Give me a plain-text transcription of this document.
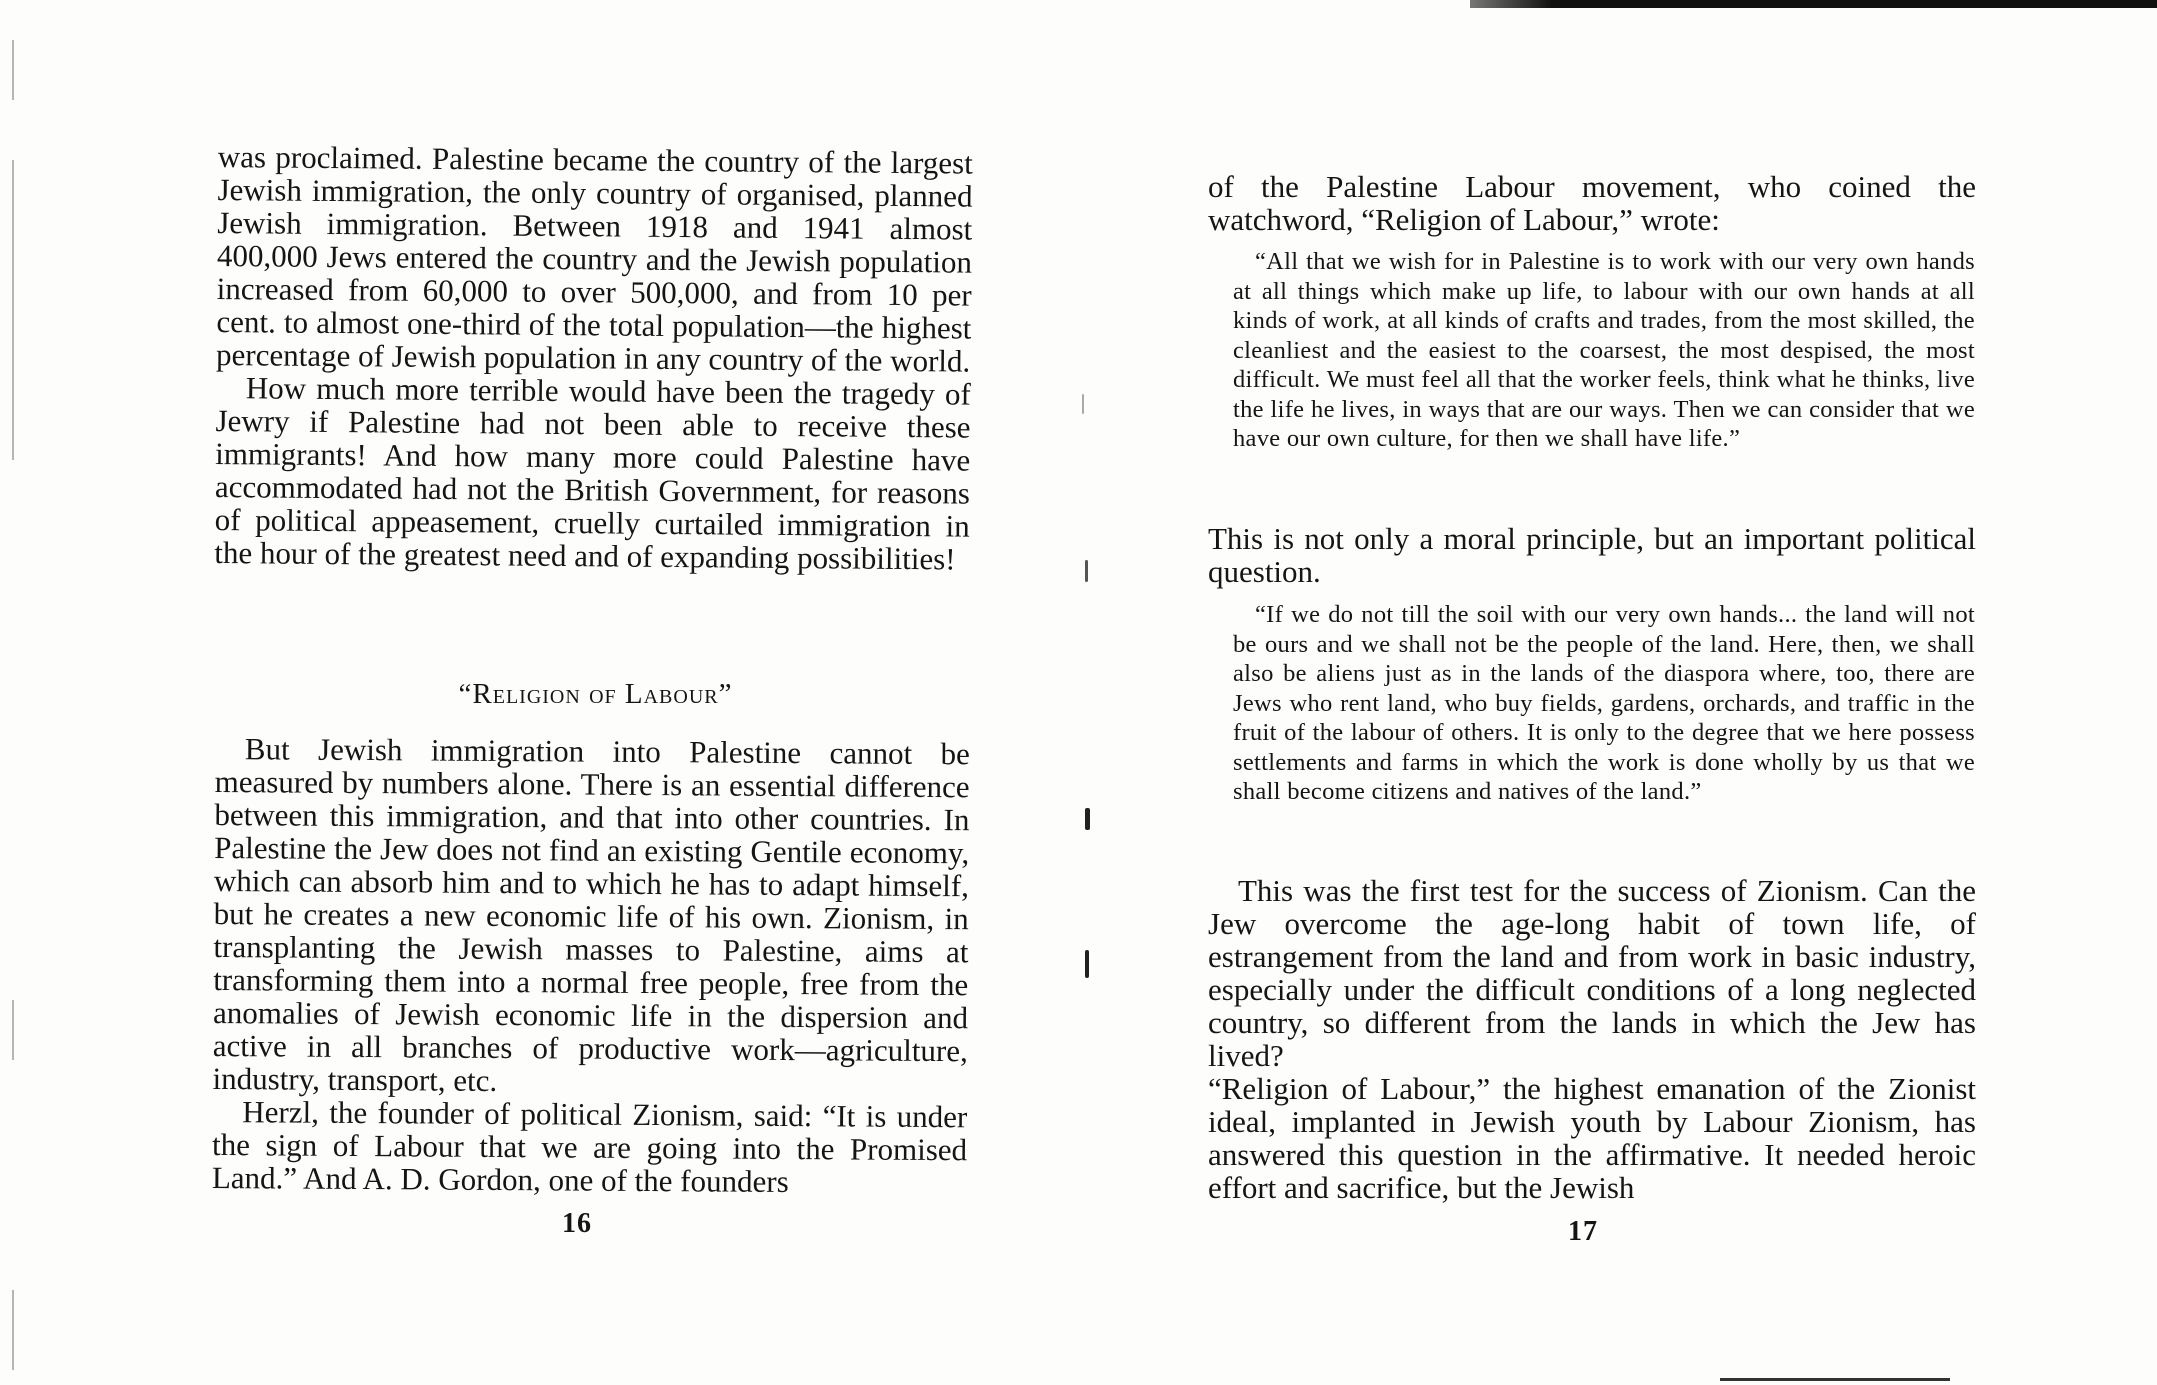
was proclaimed. Palestine became the country of the largest Jewish immigration, the only country of organised, planned Jewish immigration. Between 1918 and 1941 almost 400,000 Jews entered the country and the Jewish population increased from 60,000 to over 500,000, and from 10 per cent. to almost one-third of the total population—the highest percentage of Jewish population in any country of the world.

How much more terrible would have been the tragedy of Jewry if Palestine had not been able to receive these immigrants! And how many more could Palestine have accommodated had not the British Government, for reasons of political appeasement, cruelly curtailed immigration in the hour of the greatest need and of expanding possibilities!

“Religion of Labour”

But Jewish immigration into Palestine cannot be measured by numbers alone. There is an essential difference between this immigration, and that into other countries. In Palestine the Jew does not find an existing Gentile economy, which can absorb him and to which he has to adapt himself, but he creates a new economic life of his own. Zionism, in transplanting the Jewish masses to Palestine, aims at transforming them into a normal free people, free from the anomalies of Jewish economic life in the dispersion and active in all branches of productive work—agriculture, industry, transport, etc.

Herzl, the founder of political Zionism, said: “It is under the sign of Labour that we are going into the Promised Land.” And A. D. Gordon, one of the founders

16

of the Palestine Labour movement, who coined the watchword, “Religion of Labour,” wrote:

“All that we wish for in Palestine is to work with our very own hands at all things which make up life, to labour with our own hands at all kinds of work, at all kinds of crafts and trades, from the most skilled, the cleanliest and the easiest to the coarsest, the most despised, the most difficult. We must feel all that the worker feels, think what he thinks, live the life he lives, in ways that are our ways. Then we can consider that we have our own culture, for then we shall have life.”

This is not only a moral principle, but an important political question.

“If we do not till the soil with our very own hands... the land will not be ours and we shall not be the people of the land. Here, then, we shall also be aliens just as in the lands of the diaspora where, too, there are Jews who rent land, who buy fields, gardens, orchards, and traffic in the fruit of the labour of others. It is only to the degree that we here possess settlements and farms in which the work is done wholly by us that we shall become citizens and natives of the land.”

This was the first test for the success of Zionism. Can the Jew overcome the age-long habit of town life, of estrangement from the land and from work in basic industry, especially under the difficult conditions of a long neglected country, so different from the lands in which the Jew has lived?

“Religion of Labour,” the highest emanation of the Zionist ideal, implanted in Jewish youth by Labour Zionism, has answered this question in the affirmative. It needed heroic effort and sacrifice, but the Jewish

17
